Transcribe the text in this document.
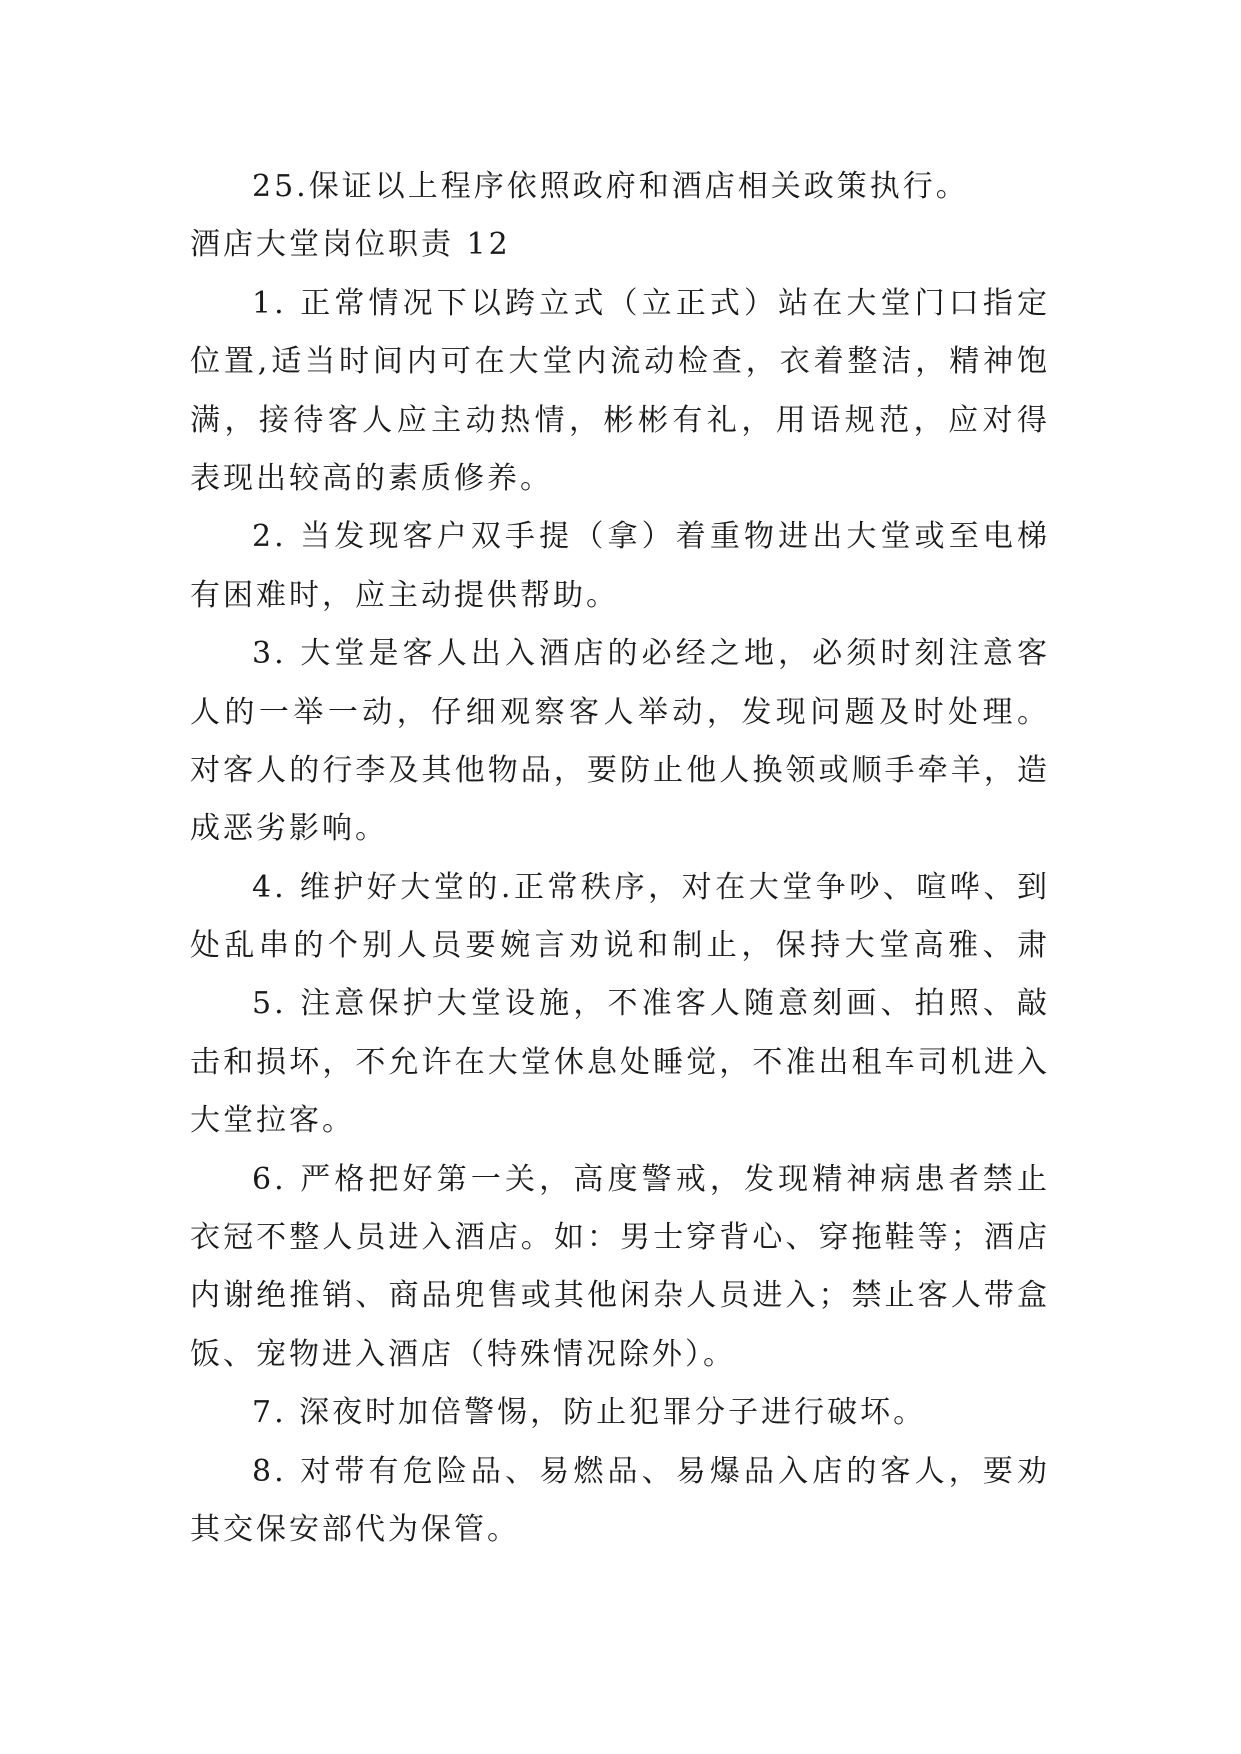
25.保证以上程序依照政府和酒店相关政策执行。
酒店大堂岗位职责 12
1. 正常情况下以跨立式（立正式）站在大堂门口指定
位置,适当时间内可在大堂内流动检查，衣着整洁，精神饱
满，接待客人应主动热情，彬彬有礼，用语规范，应对得
表现出较高的素质修养。
2. 当发现客户双手提（拿）着重物进出大堂或至电梯
有困难时，应主动提供帮助。
3. 大堂是客人出入酒店的必经之地，必须时刻注意客
人的一举一动，仔细观察客人举动，发现问题及时处理。
对客人的行李及其他物品，要防止他人换领或顺手牵羊，造
成恶劣影响。
4. 维护好大堂的.正常秩序，对在大堂争吵、喧哗、到
处乱串的个别人员要婉言劝说和制止，保持大堂高雅、肃
5. 注意保护大堂设施，不准客人随意刻画、拍照、敲
击和损坏，不允许在大堂休息处睡觉，不准出租车司机进入
大堂拉客。
6. 严格把好第一关，高度警戒，发现精神病患者禁止
衣冠不整人员进入酒店。如：男士穿背心、穿拖鞋等；酒店
内谢绝推销、商品兜售或其他闲杂人员进入；禁止客人带盒
饭、宠物进入酒店（特殊情况除外）。
7. 深夜时加倍警惕，防止犯罪分子进行破坏。
8. 对带有危险品、易燃品、易爆品入店的客人，要劝
其交保安部代为保管。
